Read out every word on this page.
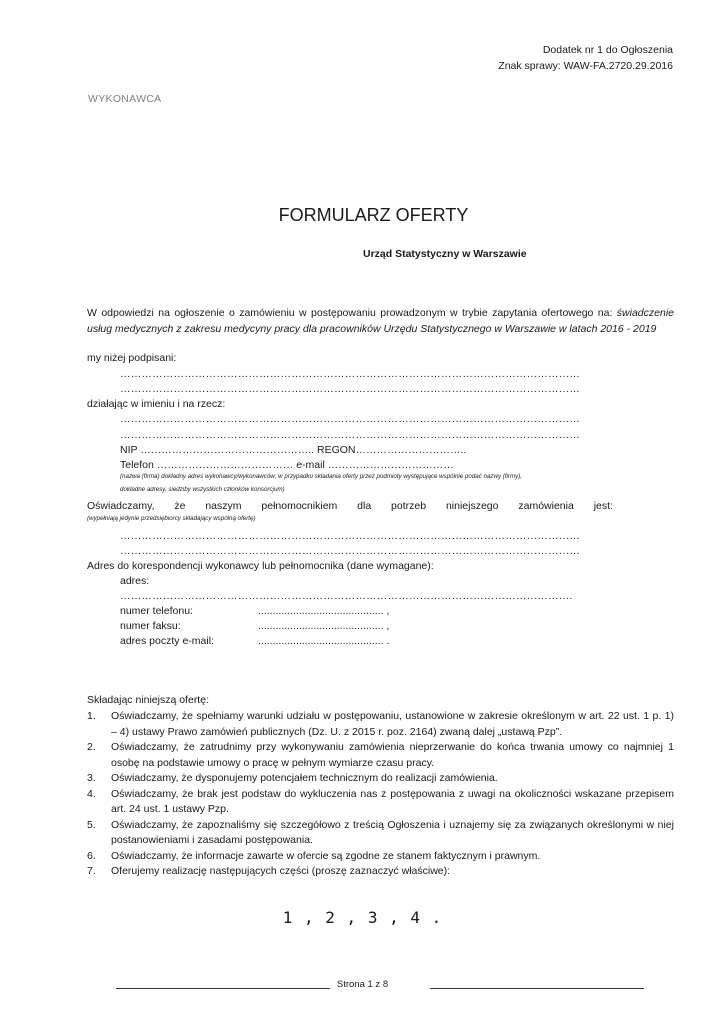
Dodatek nr 1 do Ogłoszenia
Znak sprawy: WAW-FA.2720.29.2016
WYKONAWCA
FORMULARZ OFERTY
Urząd Statystyczny w Warszawie
W odpowiedzi na ogłoszenie o zamówieniu w postępowaniu prowadzonym w trybie zapytania ofertowego na: świadczenie usług medycznych z zakresu medycyny pracy dla pracowników Urzędu Statystycznego w Warszawie w latach 2016 - 2019
my niżej podpisani:
…………………………………………………………………………………………………………………
…………………………………………………………………………………………………………………
działając w imieniu i na rzecz:
…………………………………………………………………………………………………………………
…………………………………………………………………………………………………………………
NIP ………………………………………….. REGON…………………………..
Telefon ………………………………… e-mail ………………………………
(nazwa (firma) dokładny adres wykonawcy/wykonawców; w przypadku składania oferty przez podmioty występujące wspólnie podać nazwy (firmy),
dokładne adresy, siedziby wszystkich członków konsorcjum)
Oświadczamy, że naszym pełnomocnikiem dla potrzeb niniejszego zamówienia jest:
(wypełniają jedynie przedsiębiorcy składający wspólną ofertę)
…………………………………………………………………………………………………………………
…………………………………………………………………………………………………………………
Adres do korespondencji wykonawcy lub pełnomocnika (dane wymagane):
adres:
……………………………………………………………………………………………………………….
numer telefonu:	........................................... ,
numer faksu:	........................................... ,
adres poczty e-mail:	........................................... .
Składając niniejszą ofertę:
1. Oświadczamy, że spełniamy warunki udziału w postępowaniu, ustanowione w zakresie określonym w art. 22 ust. 1 p. 1) – 4) ustawy Prawo zamówień publicznych (Dz. U. z 2015 r. poz. 2164) zwaną dalej „ustawą Pzp”.
2. Oświadczamy, że zatrudnimy przy wykonywaniu zamówienia nieprzerwanie do końca trwania umowy co najmniej 1 osobę na podstawie umowy o pracę w pełnym wymiarze czasu pracy.
3. Oświadczamy, że dysponujemy potencjałem technicznym do realizacji zamówienia.
4. Oświadczamy, że brak jest podstaw do wykluczenia nas z postępowania z uwagi na okoliczności wskazane przepisem art. 24 ust. 1 ustawy Pzp.
5. Oświadczamy, że zapoznaliśmy się szczegółowo z treścią Ogłoszenia i uznajemy się za związanych określonymi w niej postanowieniami i zasadami postępowania.
6. Oświadczamy, że informacje zawarte w ofercie są zgodne ze stanem faktycznym i prawnym.
7. Oferujemy realizację następujących części (proszę zaznaczyć właściwe):
1 , 2 , 3 , 4 .
Strona 1 z 8
